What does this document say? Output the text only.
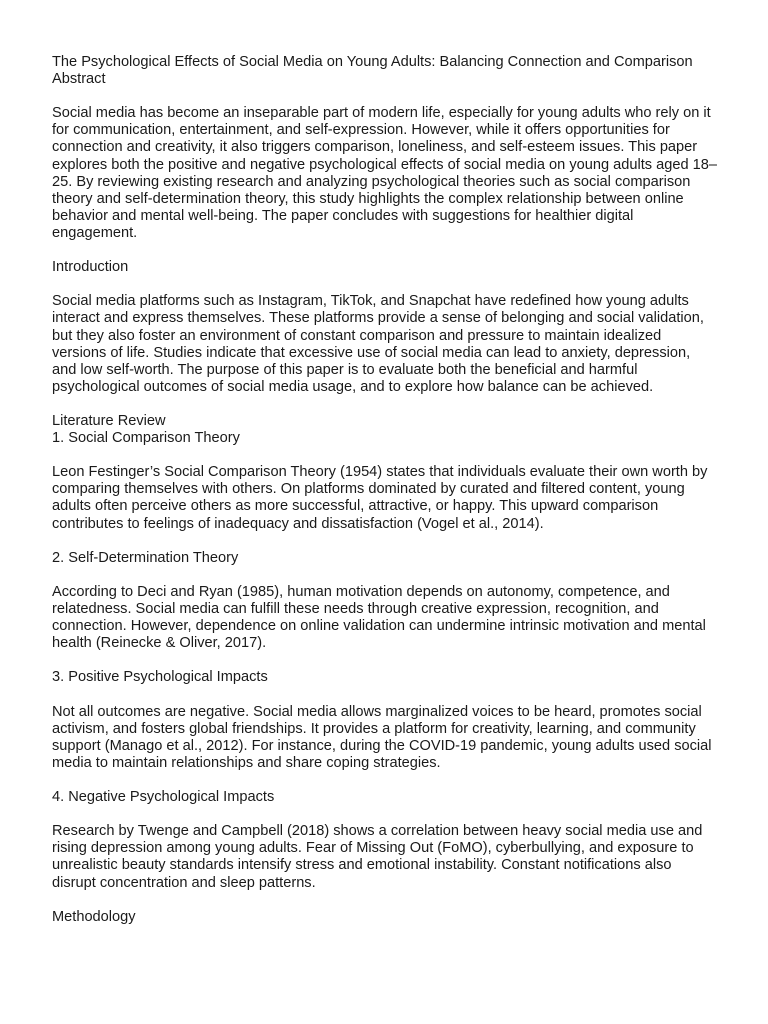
The Psychological Effects of Social Media on Young Adults: Balancing Connection and Comparison

Abstract

Social media has become an inseparable part of modern life, especially for young adults who rely on it for communication, entertainment, and self-expression. However, while it offers opportunities for connection and creativity, it also triggers comparison, loneliness, and self-esteem issues. This paper explores both the positive and negative psychological effects of social media on young adults aged 18–25. By reviewing existing research and analyzing psychological theories such as social comparison theory and self-determination theory, this study highlights the complex relationship between online behavior and mental well-being. The paper concludes with suggestions for healthier digital engagement.

Introduction

Social media platforms such as Instagram, TikTok, and Snapchat have redefined how young adults interact and express themselves. These platforms provide a sense of belonging and social validation, but they also foster an environment of constant comparison and pressure to maintain idealized versions of life. Studies indicate that excessive use of social media can lead to anxiety, depression, and low self-worth. The purpose of this paper is to evaluate both the beneficial and harmful psychological outcomes of social media usage, and to explore how balance can be achieved.

Literature Review

1. Social Comparison Theory

Leon Festinger’s Social Comparison Theory (1954) states that individuals evaluate their own worth by comparing themselves with others. On platforms dominated by curated and filtered content, young adults often perceive others as more successful, attractive, or happy. This upward comparison contributes to feelings of inadequacy and dissatisfaction (Vogel et al., 2014).

2. Self-Determination Theory

According to Deci and Ryan (1985), human motivation depends on autonomy, competence, and relatedness. Social media can fulfill these needs through creative expression, recognition, and connection. However, dependence on online validation can undermine intrinsic motivation and mental health (Reinecke & Oliver, 2017).

3. Positive Psychological Impacts

Not all outcomes are negative. Social media allows marginalized voices to be heard, promotes social activism, and fosters global friendships. It provides a platform for creativity, learning, and community support (Manago et al., 2012). For instance, during the COVID-19 pandemic, young adults used social media to maintain relationships and share coping strategies.

4. Negative Psychological Impacts

Research by Twenge and Campbell (2018) shows a correlation between heavy social media use and rising depression among young adults. Fear of Missing Out (FoMO), cyberbullying, and exposure to unrealistic beauty standards intensify stress and emotional instability. Constant notifications also disrupt concentration and sleep patterns.

Methodology
